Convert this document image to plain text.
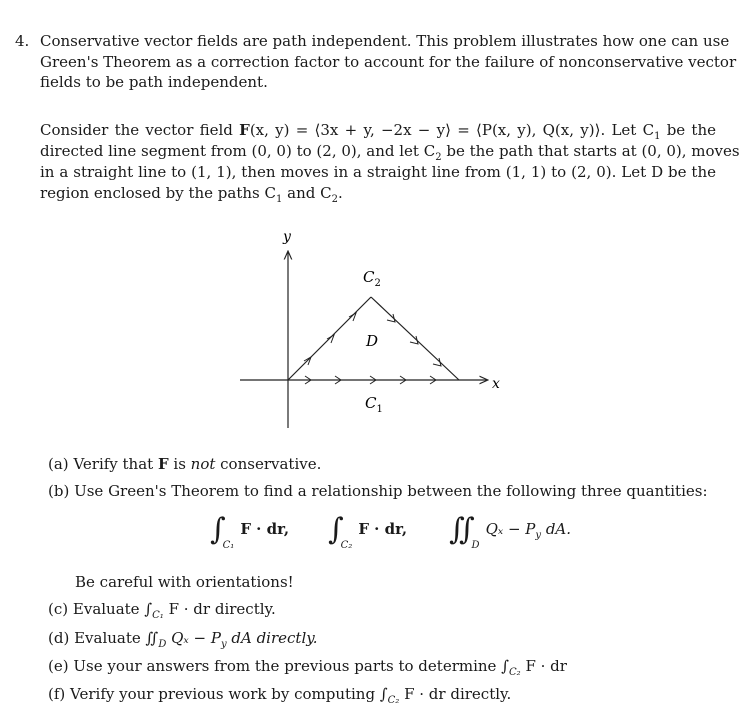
4. Conservative vector fields are path independent. This problem illustrates how one can use
Green's Theorem as a correction factor to account for the failure of nonconservative vector
fields to be path independent.
Consider the vector field F(x, y) = ⟨3x + y, −2x − y⟩ = ⟨P(x, y), Q(x, y)⟩. Let $C_1$ be the
directed line segment from (0, 0) to (2, 0), and let $C_2$ be the path that starts at (0, 0), moves
in a straight line to (1, 1), then moves in a straight line from (1, 1) to (2, 0). Let D be the
region enclosed by the paths $C_1$ and $C_2$.
y
x
$C_2$
D
$C_1$
(a) Verify that F is not conservative.
(b) Use Green's Theorem to find a relationship between the following three quantities:
$\int_{C_1}F$ · dr, $\int_{C_2}F$ · dr, $∬_DQ_x - P_y$ dA.
Be careful with orientations!
(c) Evaluate $\int_{C_1}$ F · dr directly.
(d) Evaluate $∬_D$ $Q_x - P_y$ dA directly.
(e) Use your answers from the previous parts to determine $\int_{C_2}$ F · dr
(f) Verify your previous work by computing $\int_{C_2}$ F · dr directly.
